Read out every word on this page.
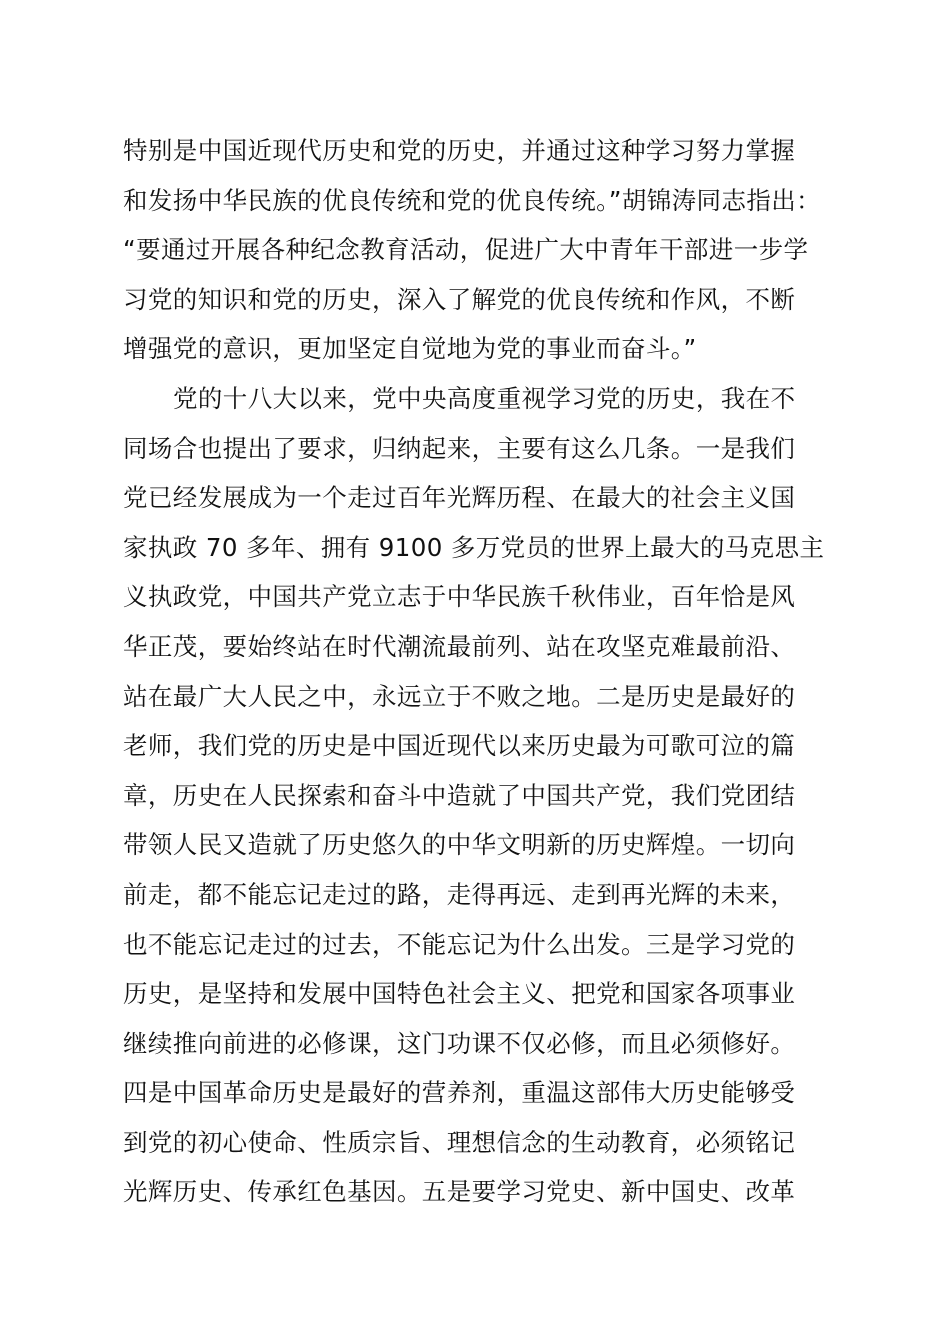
特别是中国近现代历史和党的历史，并通过这种学习努力掌握
和发扬中华民族的优良传统和党的优良传统。”胡锦涛同志指出：
“要通过开展各种纪念教育活动，促进广大中青年干部进一步学
习党的知识和党的历史，深入了解党的优良传统和作风，不断
增强党的意识，更加坚定自觉地为党的事业而奋斗。”
党的十八大以来，党中央高度重视学习党的历史，我在不
同场合也提出了要求，归纳起来，主要有这么几条。一是我们
党已经发展成为一个走过百年光辉历程、在最大的社会主义国
家执政 70 多年、拥有 9100 多万党员的世界上最大的马克思主
义执政党，中国共产党立志于中华民族千秋伟业，百年恰是风
华正茂，要始终站在时代潮流最前列、站在攻坚克难最前沿、
站在最广大人民之中，永远立于不败之地。二是历史是最好的
老师，我们党的历史是中国近现代以来历史最为可歌可泣的篇
章，历史在人民探索和奋斗中造就了中国共产党，我们党团结
带领人民又造就了历史悠久的中华文明新的历史辉煌。一切向
前走，都不能忘记走过的路，走得再远、走到再光辉的未来，
也不能忘记走过的过去，不能忘记为什么出发。三是学习党的
历史，是坚持和发展中国特色社会主义、把党和国家各项事业
继续推向前进的必修课，这门功课不仅必修，而且必须修好。
四是中国革命历史是最好的营养剂，重温这部伟大历史能够受
到党的初心使命、性质宗旨、理想信念的生动教育，必须铭记
光辉历史、传承红色基因。五是要学习党史、新中国史、改革
